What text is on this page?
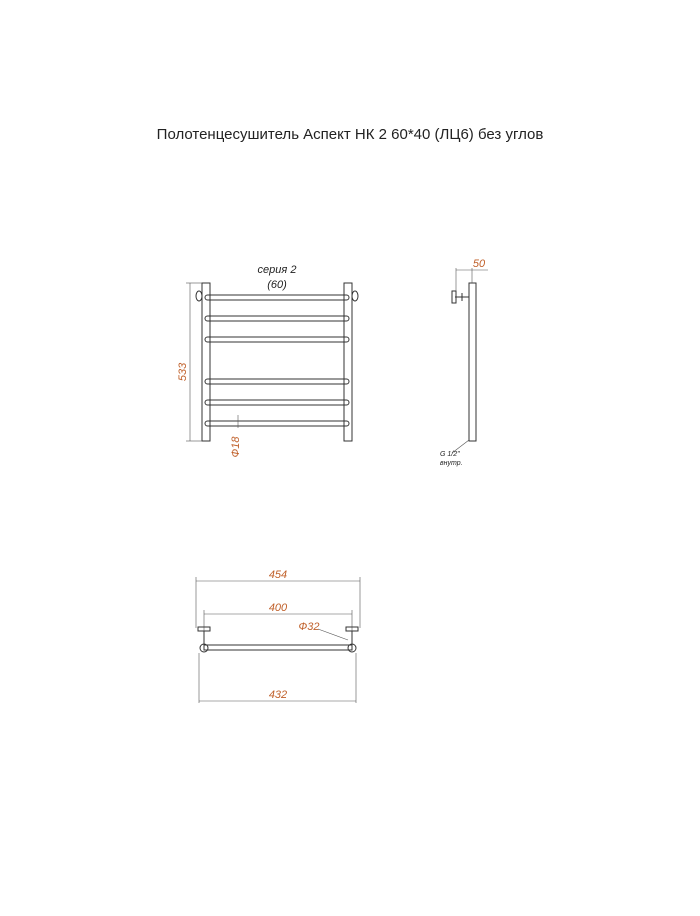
Полотенцесушитель Аспект НК 2 60*40 (ЛЦ6) без углов
533
Ф18
серия 2
(60)
50
G 1/2"
внутр.
454
400
Ф32
432
